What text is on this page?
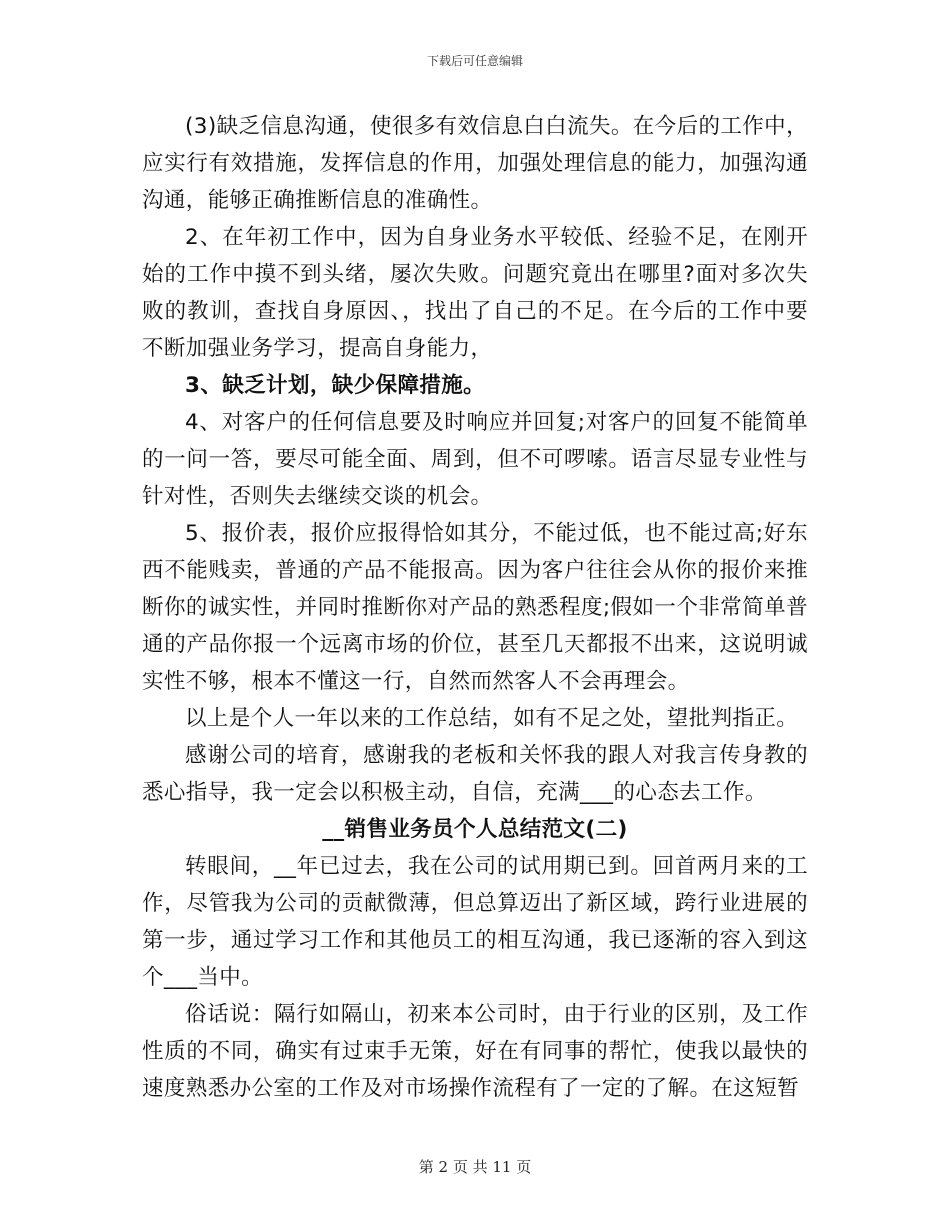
下载后可任意编辑

(3)缺乏信息沟通，使很多有效信息白白流失。在今后的工作中，应实行有效措施，发挥信息的作用，加强处理信息的能力，加强沟通沟通，能够正确推断信息的准确性。

2、在年初工作中，因为自身业务水平较低、经验不足，在刚开始的工作中摸不到头绪，屡次失败。问题究竟出在哪里?面对多次失败的教训，查找自身原因、，找出了自己的不足。在今后的工作中要不断加强业务学习，提高自身能力，

3、缺乏计划，缺少保障措施。

4、对客户的任何信息要及时响应并回复;对客户的回复不能简单的一问一答，要尽可能全面、周到，但不可啰嗦。语言尽显专业性与针对性，否则失去继续交谈的机会。

5、报价表，报价应报得恰如其分，不能过低，也不能过高;好东西不能贱卖，普通的产品不能报高。因为客户往往会从你的报价来推断你的诚实性，并同时推断你对产品的熟悉程度;假如一个非常简单普通的产品你报一个远离市场的价位，甚至几天都报不出来，这说明诚实性不够，根本不懂这一行，自然而然客人不会再理会。

以上是个人一年以来的工作总结，如有不足之处，望批判指正。

感谢公司的培育，感谢我的老板和关怀我的跟人对我言传身教的悉心指导，我一定会以积极主动，自信，充满___的心态去工作。

__销售业务员个人总结范文(二)

转眼间，__年已过去，我在公司的试用期已到。回首两月来的工作，尽管我为公司的贡献微薄，但总算迈出了新区域，跨行业进展的第一步，通过学习工作和其他员工的相互沟通，我已逐渐的容入到这个___当中。

俗话说：隔行如隔山，初来本公司时，由于行业的区别，及工作性质的不同，确实有过束手无策，好在有同事的帮忙，使我以最快的速度熟悉办公室的工作及对市场操作流程有了一定的了解。在这短暂

第 2 页 共 11 页
